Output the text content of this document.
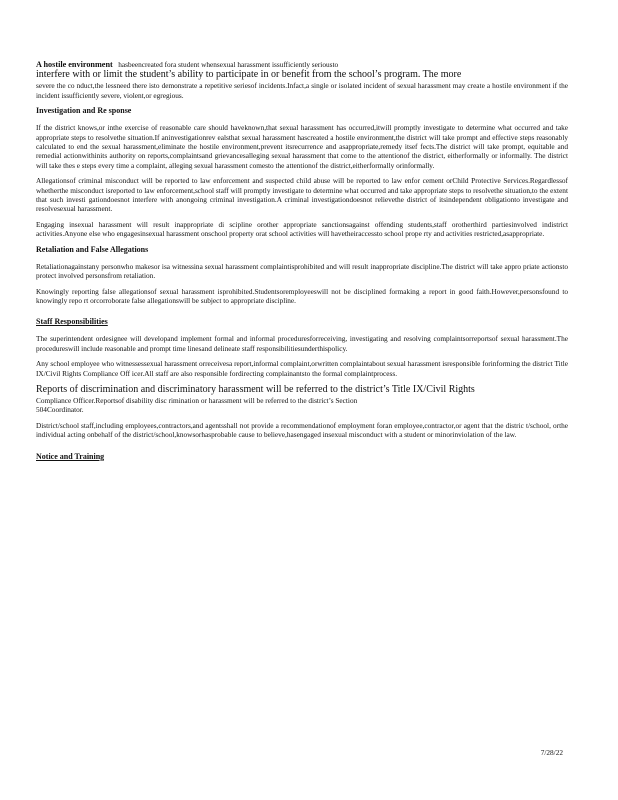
A hostile environment hasbeencreated fora student whensexual harassment issufficiently seriousto

interfere with or limit the student’s ability to participate in or benefit from the school’s program. The more

severe the co nduct,the lessneed there isto demonstrate a repetitive seriesof incidents.Infact,a single or isolated incident of sexual harassment may create a hostile environment if the incident issufficiently severe, violent,or egregious.

Investigation and Re sponse

If the district knows,or inthe exercise of reasonable care should haveknown,that sexual harassment has occurred,itwill promptly investigate to determine what occurred and take appropriate steps to resolvethe situation.If aninvestigationrev ealsthat sexual harassment hascreated a hostile environment,the district will take prompt and effective steps reasonably calculated to end the sexual harassment,eliminate the hostile environment,prevent itsrecurrence and asappropriate,remedy itsef fects.The district will take prompt, equitable and remedial actionwithinits authority on reports,complaintsand grievancesalleging sexual harassment that come to the attentionof the district, eitherformally or informally. The district will take thes e steps every time a complaint, alleging sexual harassment comesto the attentionof the district,eitherformally orinformally.

Allegationsof criminal misconduct will be reported to law enforcement and suspected child abuse will be reported to law enfor cement orChild Protective Services.Regardlessof whetherthe misconduct isreported to law enforcement,school staff will promptly investigate to determine what occurred and take appropriate steps to resolvethe situation,to the extent that such investi gationdoesnot interfere with anongoing criminal investigation.A criminal investigationdoesnot relievethe district of itsindependent obligationto investigate and resolvesexual harassment.

Engaging insexual harassment will result inappropriate di scipline orother appropriate sanctionsagainst offending students,staff orotherthird partiesinvolved indistrict activities.Anyone else who engagesinsexual harassment onschool property orat school activities will havetheiraccessto school prope rty and activities restricted,asappropriate.

Retaliation and False Allegations

Retaliationagainstany personwho makesor isa witnessina sexual harassment complaintisprohibited and will result inappropriate discipline.The district will take appro priate actionsto protect involved personsfrom retaliation.

Knowingly reporting false allegationsof sexual harassment isprohibited.Studentsoremployeeswill not be disciplined formaking a report in good faith.However,personsfound to knowingly repo rt orcorroborate false allegationswill be subject to appropriate discipline.

Staff Responsibilities

The superintendent ordesignee will developand implement formal and informal proceduresforreceiving, investigating and resolving complaintsorreportsof sexual harassment.The procedureswill include reasonable and prompt time linesand delineate staff responsibilitiesunderthispolicy.

Any school employee who witnessessexual harassment orreceivesa report,informal complaint,orwritten complaintabout sexual harassment isresponsible forinforming the district Title IX/Civil Rights Compliance Off icer.All staff are also responsible fordirecting complainantsto the formal complaintprocess.

Reports of discrimination and discriminatory harassment will be referred to the district’s Title IX/Civil Rights

Compliance Officer.Reportsof disability disc rimination or harassment will be referred to the district’s Section

504Coordinator.

District/school staff,including employees,contractors,and agentsshall not provide a recommendationof employment foran employee,contractor,or agent that the distric t/school, orthe individual acting onbehalf of the district/school,knowsorhasprobable cause to believe,hasengaged insexual misconduct with a student or minorinviolation of the law.

Notice and Training
7/28/22
